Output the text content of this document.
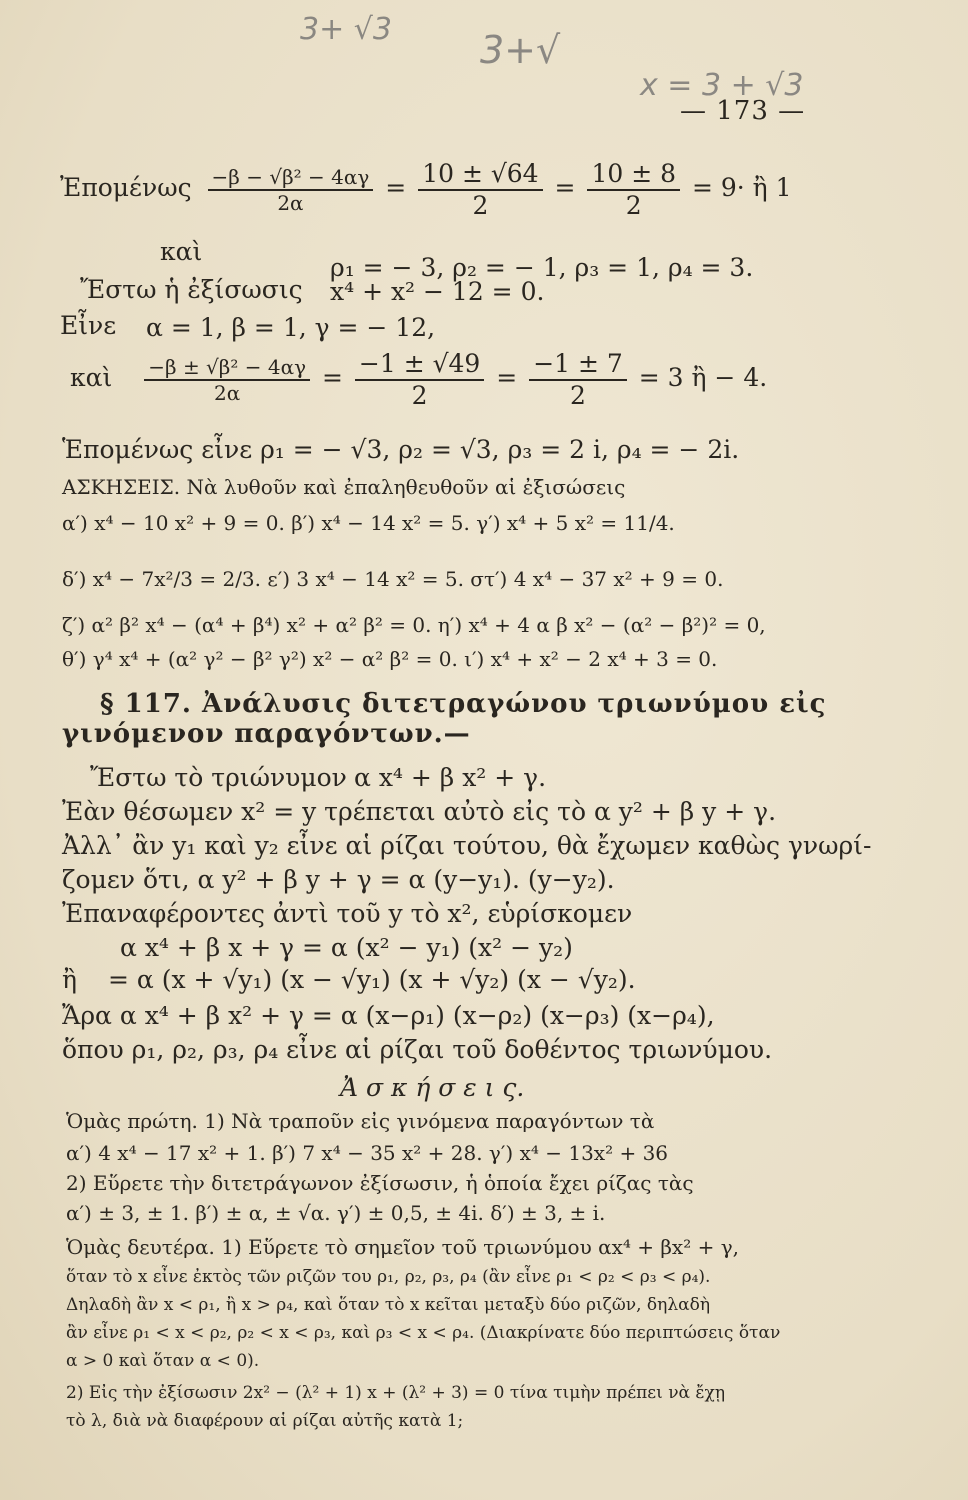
3+ √3 3+√
x = 3 + √3
— 173 —
Ἐπομένως $\frac{\text{−β − √β² − 4αγ}}{2\alpha} = \frac{10 \pm √64}{2} = \frac{10 \pm 8}{2} = 9\cdot$ ἢ 1
καὶ
ρ₁ = − 3, ρ₂ = − 1, ρ₃ = 1, ρ₄ = 3.
Ἔστω ἡ ἐξίσωσις x⁴ + x² − 12 = 0.
Εἶνε α = 1, β = 1, γ = − 12,
καὶ $\frac{\text{−β ± √β² − 4αγ}}{2\alpha} = \frac{-1 \pm √49}{2} = \frac{-1 \pm 7}{2} = 3$ ἢ − 4.
Ἑπομένως εἶνε ρ₁ = − √3, ρ₂ = √3, ρ₃ = 2 i, ρ₄ = − 2i.
ΑΣΚΗΣΕΙΣ. Νὰ λυθοῦν καὶ ἐπαληθευθοῦν αἱ ἐξισώσεις
α′) x⁴ − 10 x² + 9 = 0. β′) x⁴ − 14 x² = 5. γ′) x⁴ + 5 x² = 11/4.
δ′) x⁴ − 7x²/3 = 2/3. ε′) 3 x⁴ − 14 x² = 5. στ′) 4 x⁴ − 37 x² + 9 = 0.
ζ′) α² β² x⁴ − (α⁴ + β⁴) x² + α² β² = 0. η′) x⁴ + 4 α β x² − (α² − β²)² = 0,
θ′) γ⁴ x⁴ + (α² γ² − β² γ²) x² − α² β² = 0. ι′) x⁴ + x² − 2 x⁴ + 3 = 0.
§ 117. Ἀνάλυσις διτετραγώνου τριωνύμου εἰς
γινόμενον παραγόντων.—
Ἔστω τὸ τριώνυμον α x⁴ + β x² + γ.
Ἐὰν θέσωμεν x² = y τρέπεται αὐτὸ εἰς τὸ α y² + β y + γ.
Ἀλλ᾽ ἂν y₁ καὶ y₂ εἶνε αἱ ρίζαι τούτου, θὰ ἔχωμεν καθὼς γνωρί-
ζομεν ὅτι, α y² + β y + γ = α (y−y₁). (y−y₂).
Ἐπαναφέροντες ἀντὶ τοῦ y τὸ x², εὑρίσκομεν
α x⁴ + β x + γ = α (x² − y₁) (x² − y₂)
ἢ = α (x + √y₁) (x − √y₁) (x + √y₂) (x − √y₂).
Ἄρα α x⁴ + β x² + γ = α (x−ρ₁) (x−ρ₂) (x−ρ₃) (x−ρ₄),
ὅπου ρ₁, ρ₂, ρ₃, ρ₄ εἶνε αἱ ρίζαι τοῦ δοθέντος τριωνύμου.
Ἀ σ κ ή σ ε ι ς.
Ὁμὰς πρώτη. 1) Νὰ τραποῦν εἰς γινόμενα παραγόντων τὰ
α′) 4 x⁴ − 17 x² + 1. β′) 7 x⁴ − 35 x² + 28. γ′) x⁴ − 13x² + 36
2) Εὕρετε τὴν διτετράγωνον ἐξίσωσιν, ἡ ὁποία ἔχει ρίζας τὰς
α′) ± 3, ± 1. β′) ± α, ± √α. γ′) ± 0,5, ± 4i. δ′) ± 3, ± i.
Ὁμὰς δευτέρα. 1) Εὕρετε τὸ σημεῖον τοῦ τριωνύμου αx⁴ + βx² + γ,
ὅταν τὸ x εἶνε ἐκτὸς τῶν ριζῶν του ρ₁, ρ₂, ρ₃, ρ₄ (ἂν εἶνε ρ₁ < ρ₂ < ρ₃ < ρ₄).
Δηλαδὴ ἂν x < ρ₁, ἢ x > ρ₄, καὶ ὅταν τὸ x κεῖται μεταξὺ δύο ριζῶν, δηλαδὴ
ἂν εἶνε ρ₁ < x < ρ₂, ρ₂ < x < ρ₃, καὶ ρ₃ < x < ρ₄. (Διακρίνατε δύο περιπτώσεις ὅταν
α > 0 καὶ ὅταν α < 0).
2) Εἰς τὴν ἐξίσωσιν 2x² − (λ² + 1) x + (λ² + 3) = 0 τίνα τιμὴν πρέπει νὰ ἔχῃ
τὸ λ, διὰ νὰ διαφέρουν αἱ ρίζαι αὐτῆς κατὰ 1;
